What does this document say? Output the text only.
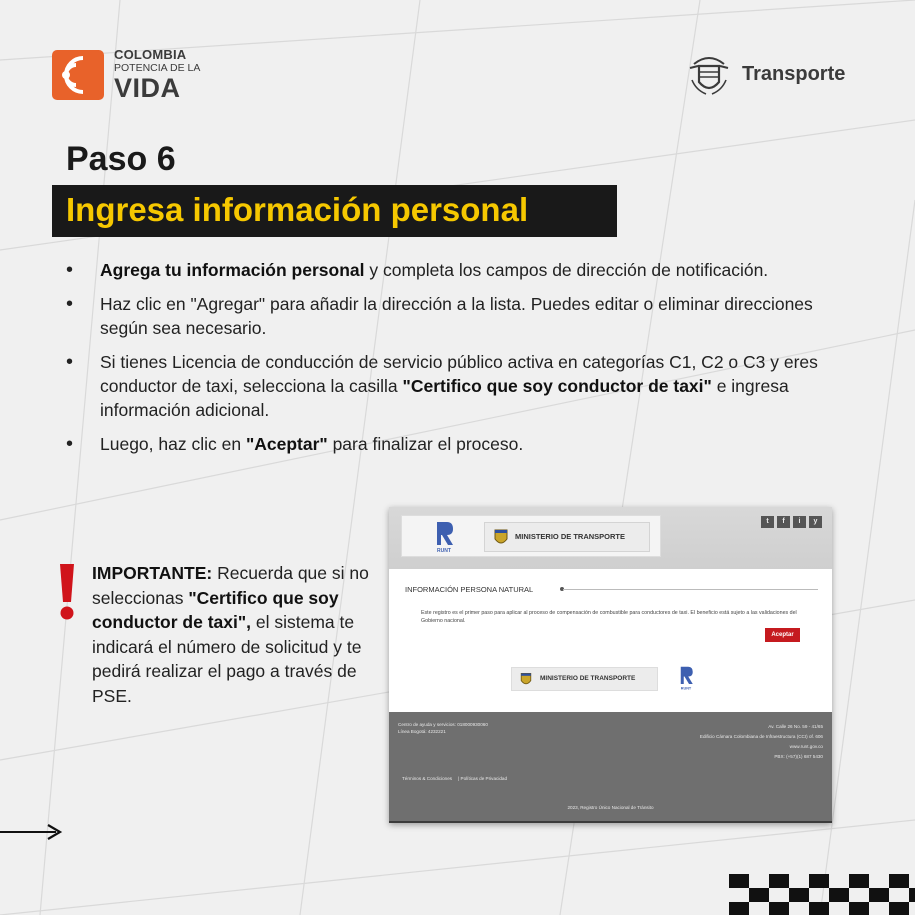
COLOMBIA
POTENCIA DE LA
VIDA	Transporte
Paso 6
Ingresa información personal
• Agrega tu información personal y completa los campos de dirección de notificación.
• Haz clic en "Agregar" para añadir la dirección a la lista. Puedes editar o eliminar direcciones según sea necesario.
• Si tienes Licencia de conducción de servicio público activa en categorías C1, C2 o C3 y eres conductor de taxi, selecciona la casilla "Certifico que soy conductor de taxi" e ingresa información adicional.
• Luego, haz clic en "Aceptar" para finalizar el proceso.
IMPORTANTE: Recuerda que si no seleccionas "Certifico que soy conductor de taxi", el sistema te indicará el número de solicitud y te pedirá realizar el pago a través de PSE.
RUNT
MINISTERIO DE TRANSPORTE
t	f	i	y
INFORMACIÓN PERSONA NATURAL
Este registro es el primer paso para aplicar al proceso de compensación de combustible para conductores de taxi. El beneficio está sujeto a las validaciones del Gobierno nacional.
Aceptar
MINISTERIO DE TRANSPORTE
RUNT
Centro de ayuda y servicios: 018000930060
Línea Bogotá: 4232221
Av. Calle 26 No. 59 - 41/65
Edificio Cámara Colombiana de Infraestructura (CCI) of. 606
www.runt.gov.co
PBX: (+57)(1) 687 5430
Términos & Condiciones | Políticas de Privacidad
2023, Registro Único Nacional de Tránsito
